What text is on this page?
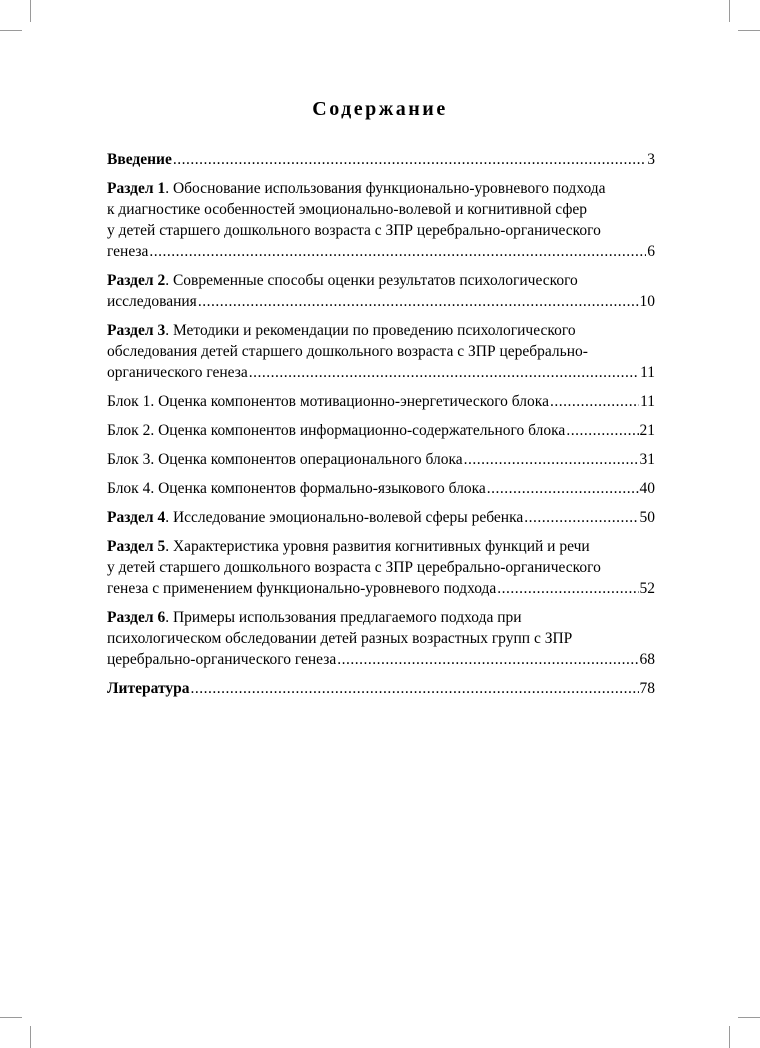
Содержание
Введение .....	3
Раздел 1. Обоснование использования функционально-уровневого подхода
к диагностике особенностей эмоционально-волевой и когнитивной сфер
у детей старшего дошкольного возраста с ЗПР церебрально-органического
генеза .....	6
Раздел 2. Современные способы оценки результатов психологического
исследования .....	10
Раздел 3. Методики и рекомендации по проведению психологического
обследования детей старшего дошкольного возраста с ЗПР церебрально-
органического генеза .....	11
Блок 1. Оценка компонентов мотивационно-энергетического блока .....	11
Блок 2. Оценка компонентов информационно-содержательного блока .....	21
Блок 3. Оценка компонентов операционального блока .....	31
Блок 4. Оценка компонентов формально-языкового блока .....	40
Раздел 4. Исследование эмоционально-волевой сферы ребенка .....	50
Раздел 5. Характеристика уровня развития когнитивных функций и речи
у детей старшего дошкольного возраста с ЗПР церебрально-органического
генеза с применением функционально-уровневого подхода .....	52
Раздел 6. Примеры использования предлагаемого подхода при
психологическом обследовании детей разных возрастных групп с ЗПР
церебрально-органического генеза .....	68
Литература .....	78
